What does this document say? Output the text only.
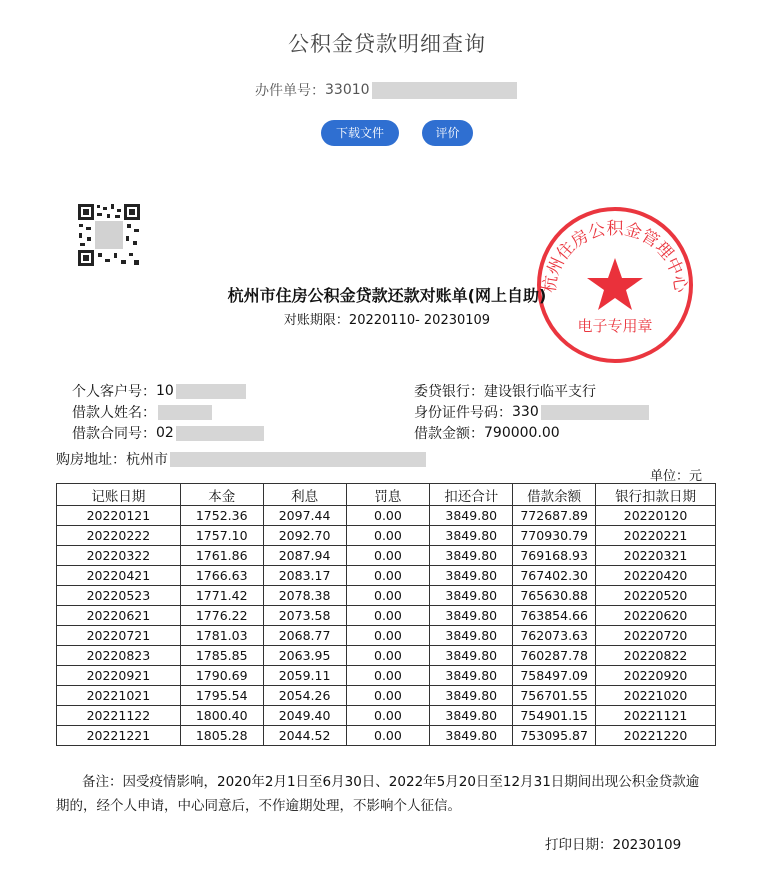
公积金贷款明细查询
办件单号： 33010
下载文件	评价
杭州住房公积金管理中心
电子专用章
杭州市住房公积金贷款还款对账单(网上自助)
对账期限：20220110- 20230109
个人客户号： 10
借款人姓名：
借款合同号： 02
购房地址： 杭州市
委贷银行： 建设银行临平支行
身份证件号码： 330
借款金额： 790000.00
单位：元
记账日期	本金	利息	罚息	扣还合计	借款余额	银行扣款日期
20220121	1752.36	2097.44	0.00	3849.80	772687.89	20220120
20220222	1757.10	2092.70	0.00	3849.80	770930.79	20220221
20220322	1761.86	2087.94	0.00	3849.80	769168.93	20220321
20220421	1766.63	2083.17	0.00	3849.80	767402.30	20220420
20220523	1771.42	2078.38	0.00	3849.80	765630.88	20220520
20220621	1776.22	2073.58	0.00	3849.80	763854.66	20220620
20220721	1781.03	2068.77	0.00	3849.80	762073.63	20220720
20220823	1785.85	2063.95	0.00	3849.80	760287.78	20220822
20220921	1790.69	2059.11	0.00	3849.80	758497.09	20220920
20221021	1795.54	2054.26	0.00	3849.80	756701.55	20221020
20221122	1800.40	2049.40	0.00	3849.80	754901.15	20221121
20221221	1805.28	2044.52	0.00	3849.80	753095.87	20221220
备注：因受疫情影响，2020年2月1日至6月30日、2022年5月20日至12月31日期间出现公积金贷款逾期的，经个人申请，中心同意后，不作逾期处理，不影响个人征信。
打印日期：20230109
